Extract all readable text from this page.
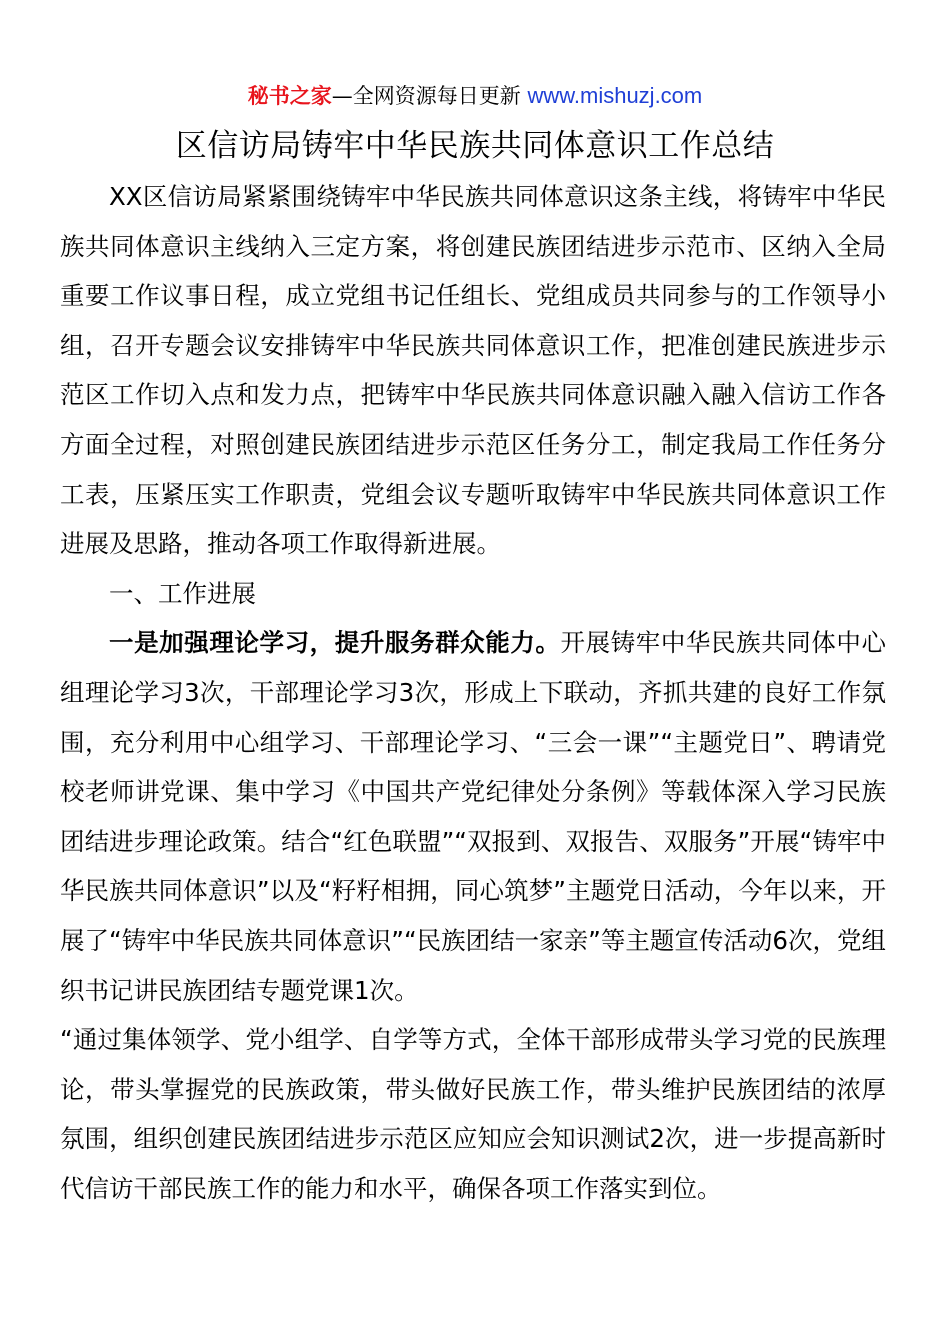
秘书之家—全网资源每日更新 www.mishuzj.com
区信访局铸牢中华民族共同体意识工作总结

XX区信访局紧紧围绕铸牢中华民族共同体意识这条主线，将铸牢中华民族共同体意识主线纳入三定方案，将创建民族团结进步示范市、区纳入全局重要工作议事日程，成立党组书记任组长、党组成员共同参与的工作领导小组，召开专题会议安排铸牢中华民族共同体意识工作，把准创建民族进步示范区工作切入点和发力点，把铸牢中华民族共同体意识融入融入信访工作各方面全过程，对照创建民族团结进步示范区任务分工，制定我局工作任务分工表，压紧压实工作职责，党组会议专题听取铸牢中华民族共同体意识工作进展及思路，推动各项工作取得新进展。

一、工作进展

一是加强理论学习，提升服务群众能力。开展铸牢中华民族共同体中心组理论学习3次，干部理论学习3次，形成上下联动，齐抓共建的良好工作氛围，充分利用中心组学习、干部理论学习、“三会一课”“主题党日”、聘请党校老师讲党课、集中学习《中国共产党纪律处分条例》等载体深入学习民族团结进步理论政策。结合“红色联盟”“双报到、双报告、双服务”开展“铸牢中华民族共同体意识”以及“籽籽相拥，同心筑梦”主题党日活动，今年以来，开展了“铸牢中华民族共同体意识”“民族团结一家亲”等主题宣传活动6次，党组织书记讲民族团结专题党课1次。

“通过集体领学、党小组学、自学等方式，全体干部形成带头学习党的民族理论，带头掌握党的民族政策，带头做好民族工作，带头维护民族团结的浓厚氛围，组织创建民族团结进步示范区应知应会知识测试2次，进一步提高新时代信访干部民族工作的能力和水平，确保各项工作落实到位。
